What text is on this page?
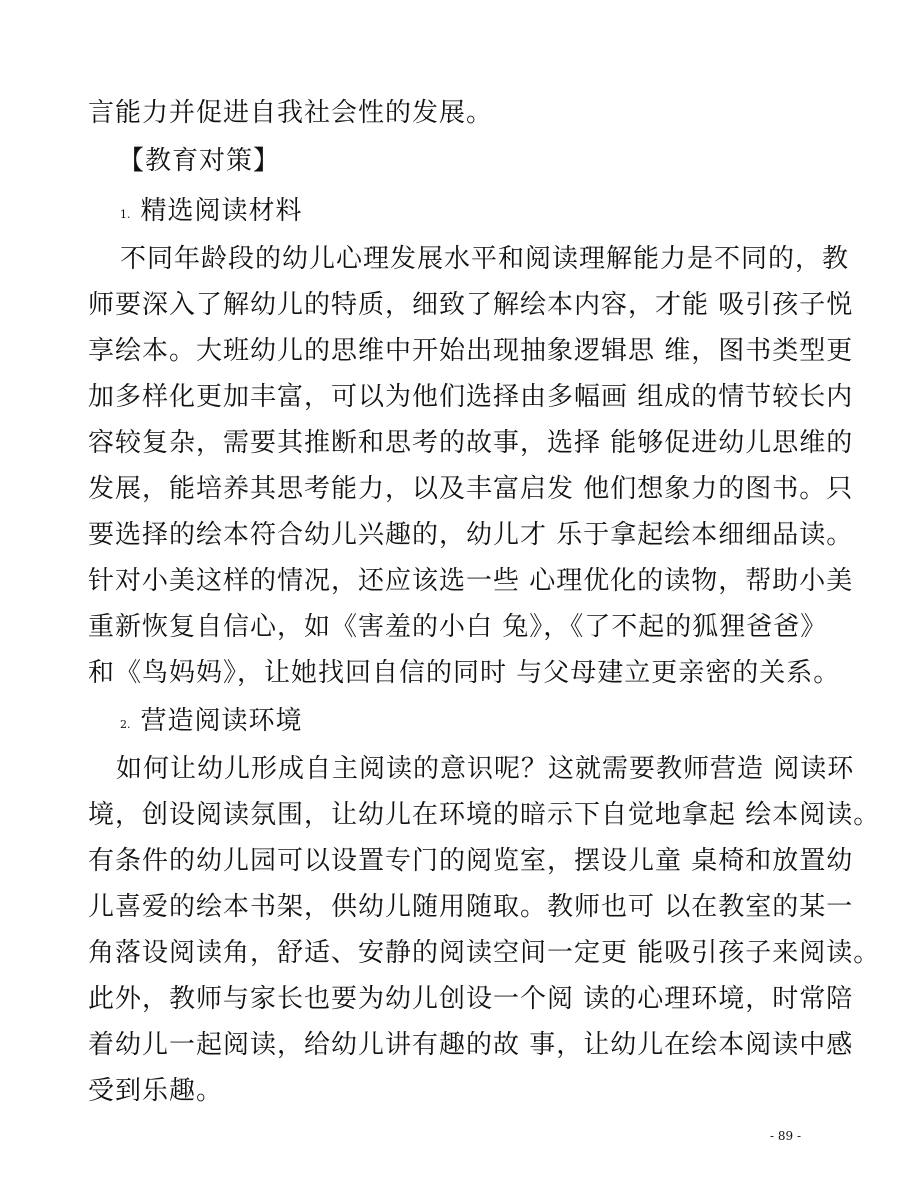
言能力并促进自我社会性的发展。
【教育对策】
1. 精选阅读材料
不同年龄段的幼儿心理发展水平和阅读理解能力是不同的，教
师要深入了解幼儿的特质，细致了解绘本内容，才能 吸引孩子悦
享绘本。大班幼儿的思维中开始出现抽象逻辑思 维，图书类型更
加多样化更加丰富，可以为他们选择由多幅画 组成的情节较长内
容较复杂，需要其推断和思考的故事，选择 能够促进幼儿思维的
发展，能培养其思考能力，以及丰富启发 他们想象力的图书。只
要选择的绘本符合幼儿兴趣的，幼儿才 乐于拿起绘本细细品读。
针对小美这样的情况，还应该选一些 心理优化的读物，帮助小美
重新恢复自信心，如《害羞的小白 兔》，《了不起的狐狸爸爸》
和《鸟妈妈》，让她找回自信的同时 与父母建立更亲密的关系。
2. 营造阅读环境
如何让幼儿形成自主阅读的意识呢？这就需要教师营造 阅读环
境，创设阅读氛围，让幼儿在环境的暗示下自觉地拿起 绘本阅读。
有条件的幼儿园可以设置专门的阅览室，摆设儿童 桌椅和放置幼
儿喜爱的绘本书架，供幼儿随用随取。教师也可 以在教室的某一
角落设阅读角，舒适、安静的阅读空间一定更 能吸引孩子来阅读。
此外，教师与家长也要为幼儿创设一个阅 读的心理环境，时常陪
着幼儿一起阅读，给幼儿讲有趣的故 事，让幼儿在绘本阅读中感
受到乐趣。
- 89 -
